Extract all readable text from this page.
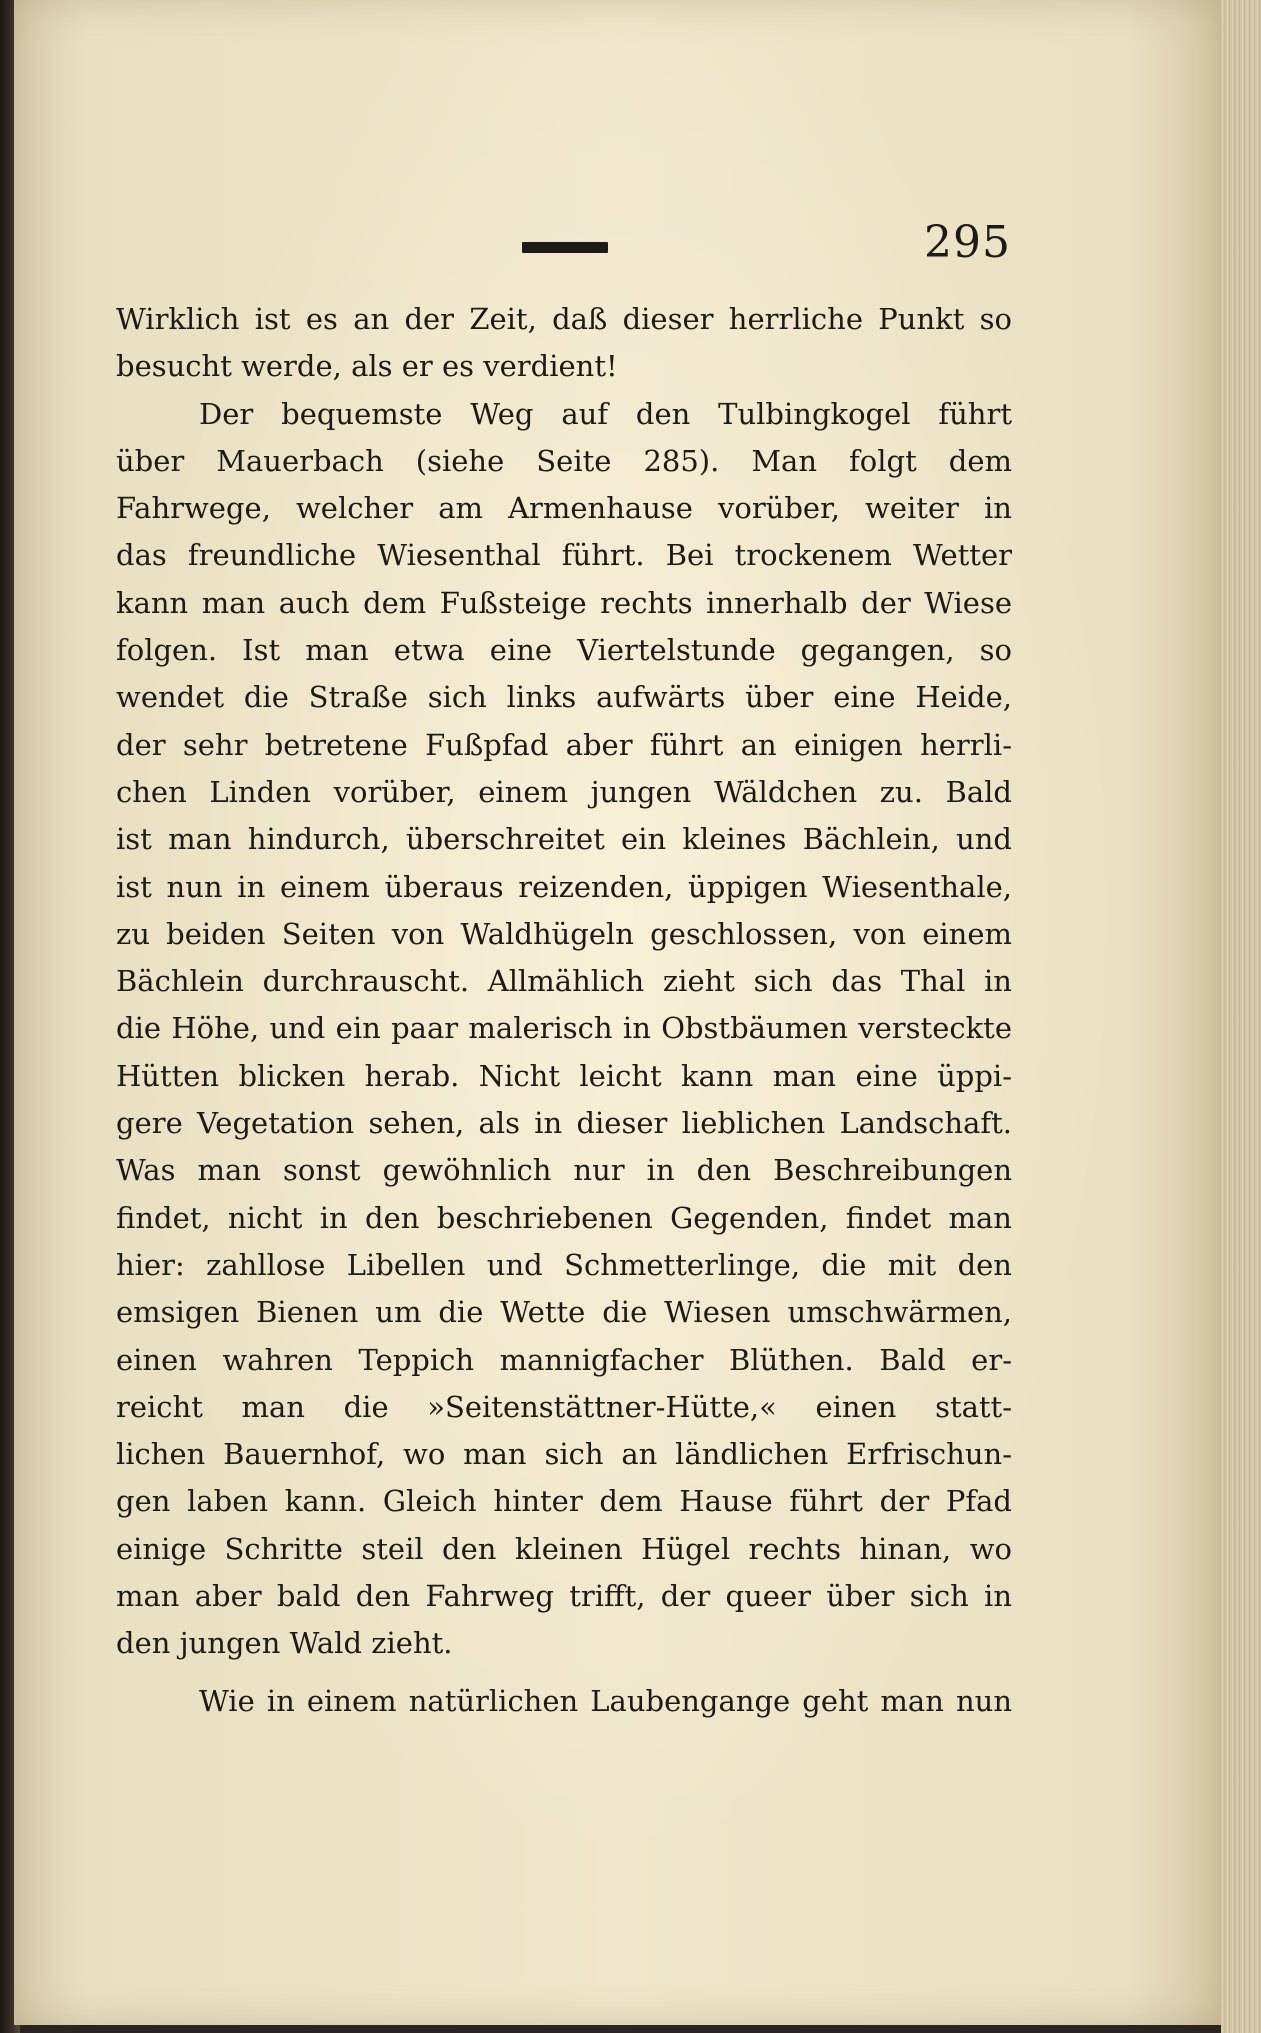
295
Wirklich ist es an der Zeit, daß dieser herrliche Punkt so
besucht werde, als er es verdient!
Der bequemste Weg auf den Tulbingkogel führt
über Mauerbach (siehe Seite 285). Man folgt dem
Fahrwege, welcher am Armenhause vorüber, weiter in
das freundliche Wiesenthal führt. Bei trockenem Wetter
kann man auch dem Fußsteige rechts innerhalb der Wiese
folgen. Ist man etwa eine Viertelstunde gegangen, so
wendet die Straße sich links aufwärts über eine Heide,
der sehr betretene Fußpfad aber führt an einigen herrli-
chen Linden vorüber, einem jungen Wäldchen zu. Bald
ist man hindurch, überschreitet ein kleines Bächlein, und
ist nun in einem überaus reizenden, üppigen Wiesenthale,
zu beiden Seiten von Waldhügeln geschlossen, von einem
Bächlein durchrauscht. Allmählich zieht sich das Thal in
die Höhe, und ein paar malerisch in Obstbäumen versteckte
Hütten blicken herab. Nicht leicht kann man eine üppi-
gere Vegetation sehen, als in dieser lieblichen Landschaft.
Was man sonst gewöhnlich nur in den Beschreibungen
findet, nicht in den beschriebenen Gegenden, findet man
hier: zahllose Libellen und Schmetterlinge, die mit den
emsigen Bienen um die Wette die Wiesen umschwärmen,
einen wahren Teppich mannigfacher Blüthen. Bald er-
reicht man die »Seitenstättner-Hütte,« einen statt-
lichen Bauernhof, wo man sich an ländlichen Erfrischun-
gen laben kann. Gleich hinter dem Hause führt der Pfad
einige Schritte steil den kleinen Hügel rechts hinan, wo
man aber bald den Fahrweg trifft, der queer über sich in
den jungen Wald zieht.
Wie in einem natürlichen Laubengange geht man nun
